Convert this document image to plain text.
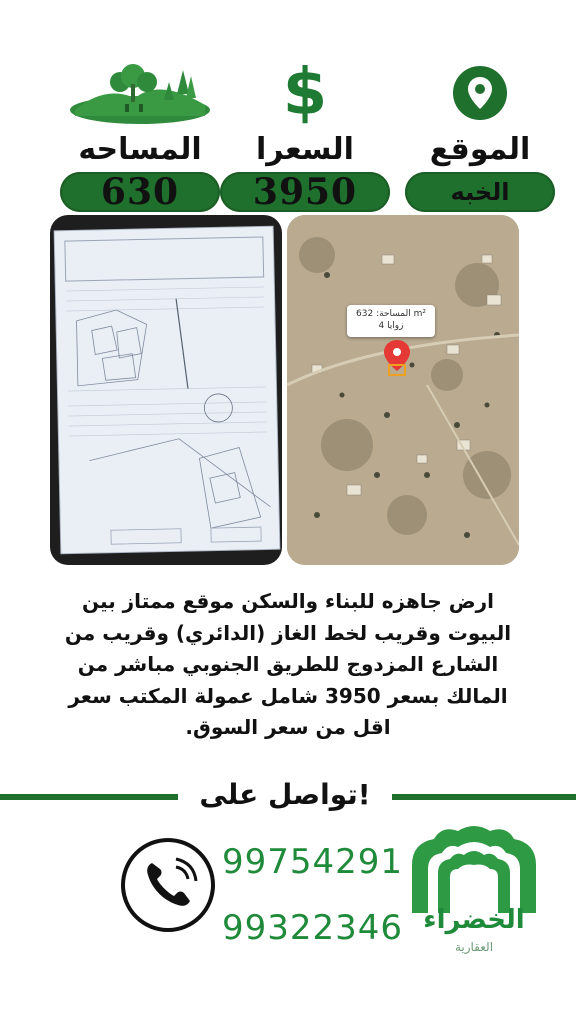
المساحه
630
$
السعرا
3950
الموقع
الخبه
المساحة: 632 m²
4 زوايا
ارض جاهزه للبناء والسكن موقع ممتاز بين البيوت وقريب لخط الغاز (الدائري) وقريب من الشارع المزدوج للطريق الجنوبي مباشر من المالك بسعر 3950 شامل عمولة المكتب سعر اقل من سعر السوق.
تواصل على!
99754291
99322346 الخضراء
العقارية
